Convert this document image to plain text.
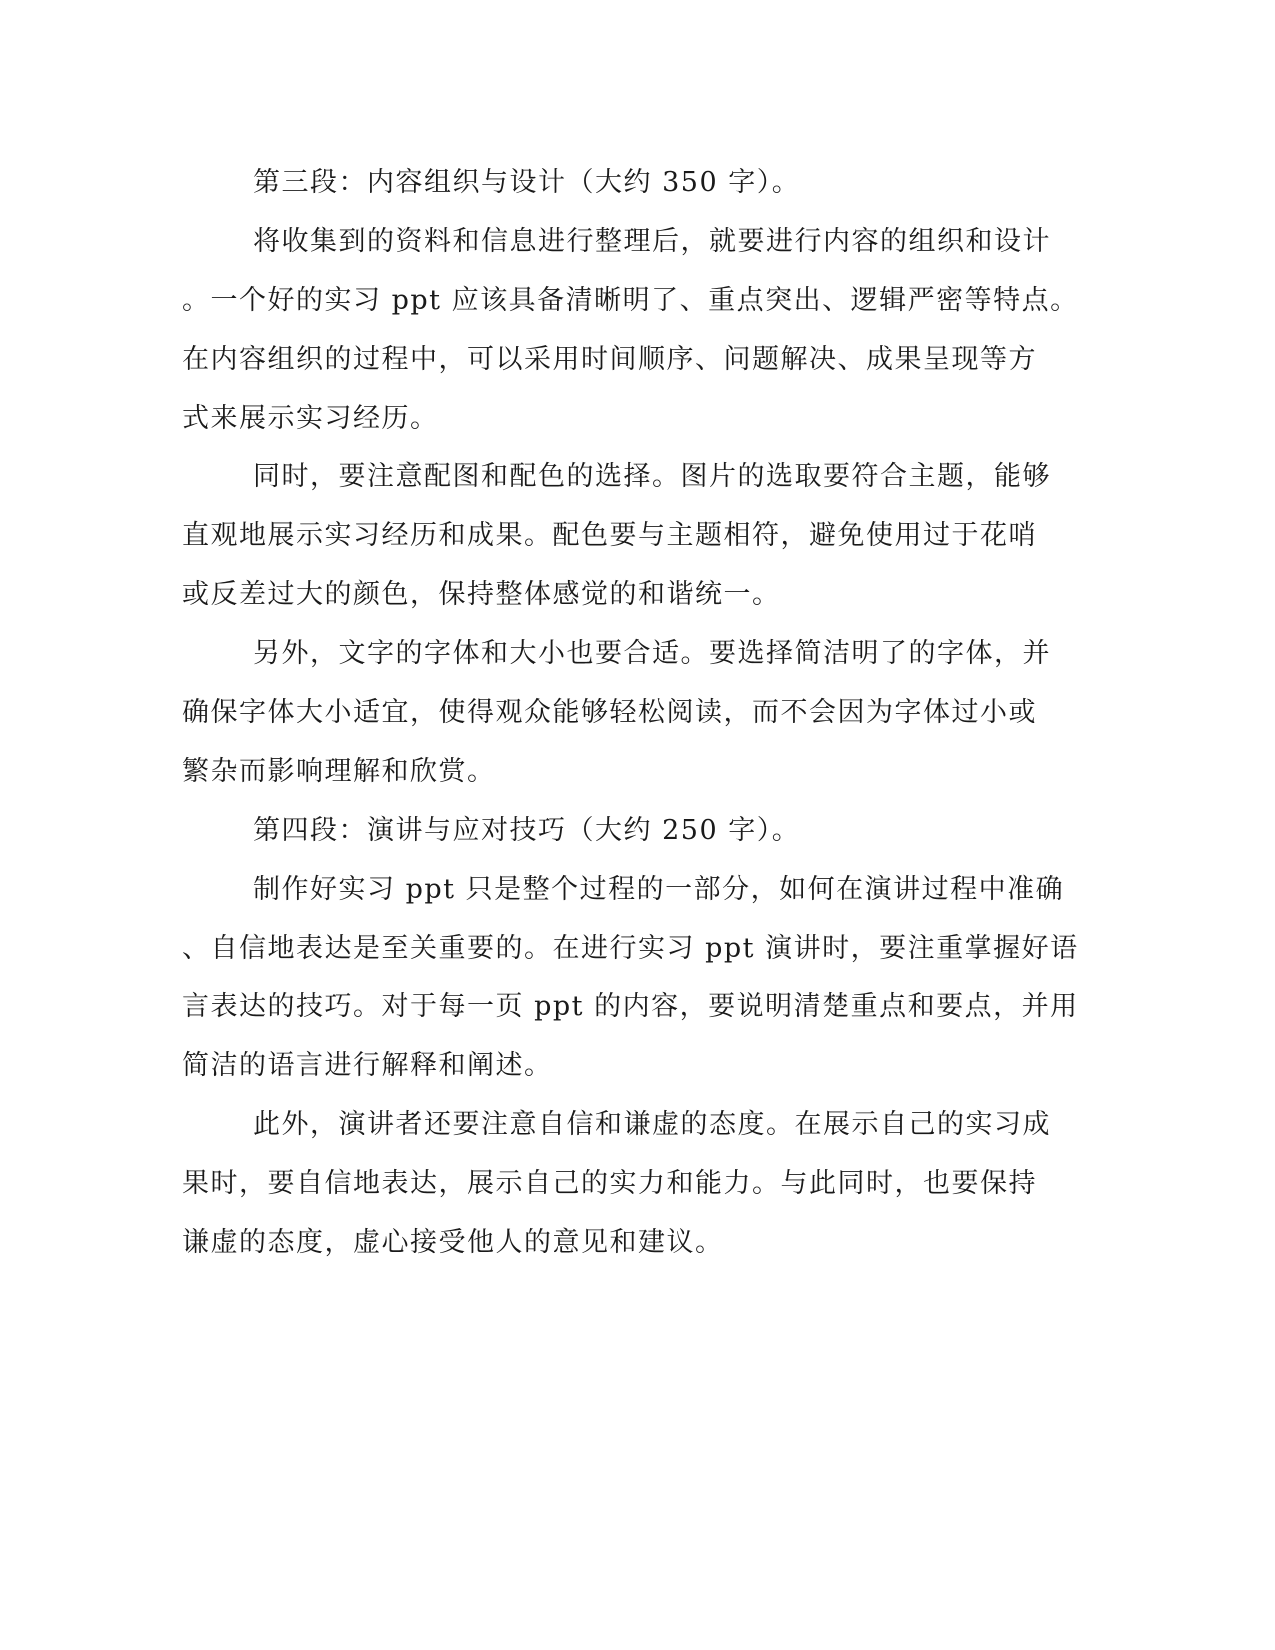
第三段：内容组织与设计（大约 350 字）。
将收集到的资料和信息进行整理后，就要进行内容的组织和设计
。一个好的实习 ppt 应该具备清晰明了、重点突出、逻辑严密等特点。
在内容组织的过程中，可以采用时间顺序、问题解决、成果呈现等方
式来展示实习经历。
同时，要注意配图和配色的选择。图片的选取要符合主题，能够
直观地展示实习经历和成果。配色要与主题相符，避免使用过于花哨
或反差过大的颜色，保持整体感觉的和谐统一。
另外，文字的字体和大小也要合适。要选择简洁明了的字体，并
确保字体大小适宜，使得观众能够轻松阅读，而不会因为字体过小或
繁杂而影响理解和欣赏。
第四段：演讲与应对技巧（大约 250 字）。
制作好实习 ppt 只是整个过程的一部分，如何在演讲过程中准确
、自信地表达是至关重要的。在进行实习 ppt 演讲时，要注重掌握好语
言表达的技巧。对于每一页 ppt 的内容，要说明清楚重点和要点，并用
简洁的语言进行解释和阐述。
此外，演讲者还要注意自信和谦虚的态度。在展示自己的实习成
果时，要自信地表达，展示自己的实力和能力。与此同时，也要保持
谦虚的态度，虚心接受他人的意见和建议。
